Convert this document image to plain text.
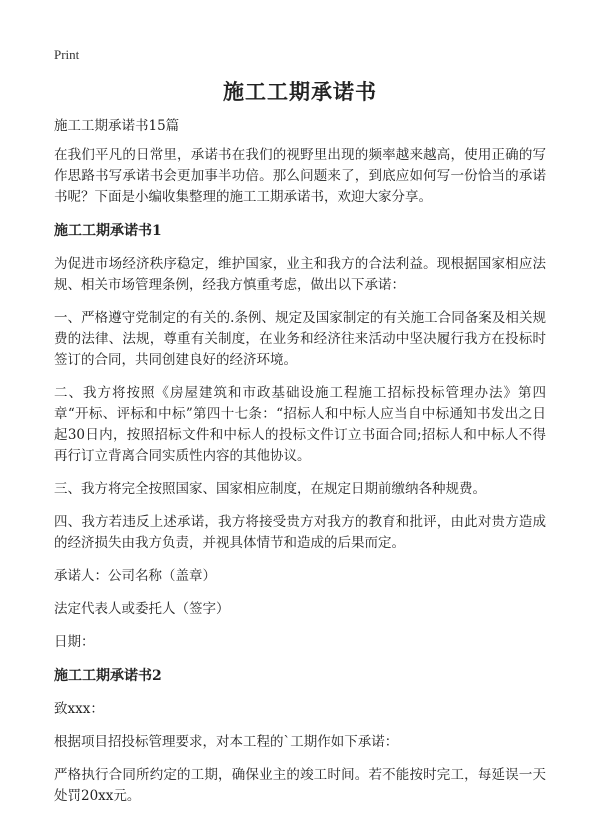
Print
施工工期承诺书

施工工期承诺书15篇

在我们平凡的日常里，承诺书在我们的视野里出现的频率越来越高，使用正确的写作思路书写承诺书会更加事半功倍。那么问题来了，到底应如何写一份恰当的承诺书呢？下面是小编收集整理的施工工期承诺书，欢迎大家分享。

施工工期承诺书1

为促进市场经济秩序稳定，维护国家，业主和我方的合法利益。现根据国家相应法规、相关市场管理条例，经我方慎重考虑，做出以下承诺：

一、严格遵守党制定的有关的.条例、规定及国家制定的有关施工合同备案及相关规费的法律、法规，尊重有关制度，在业务和经济往来活动中坚决履行我方在投标时签订的合同，共同创建良好的经济环境。

二、我方将按照《房屋建筑和市政基础设施工程施工招标投标管理办法》第四章“开标、评标和中标”第四十七条：“招标人和中标人应当自中标通知书发出之日起30日内，按照招标文件和中标人的投标文件订立书面合同;招标人和中标人不得再行订立背离合同实质性内容的其他协议。

三、我方将完全按照国家、国家相应制度，在规定日期前缴纳各种规费。

四、我方若违反上述承诺，我方将接受贵方对我方的教育和批评，由此对贵方造成的经济损失由我方负责，并视具体情节和造成的后果而定。

承诺人：公司名称（盖章）

法定代表人或委托人（签字）

日期：

施工工期承诺书2

致xxx：

根据项目招投标管理要求，对本工程的`工期作如下承诺：

严格执行合同所约定的工期，确保业主的竣工时间。若不能按时完工，每延误一天处罚20xx元。
